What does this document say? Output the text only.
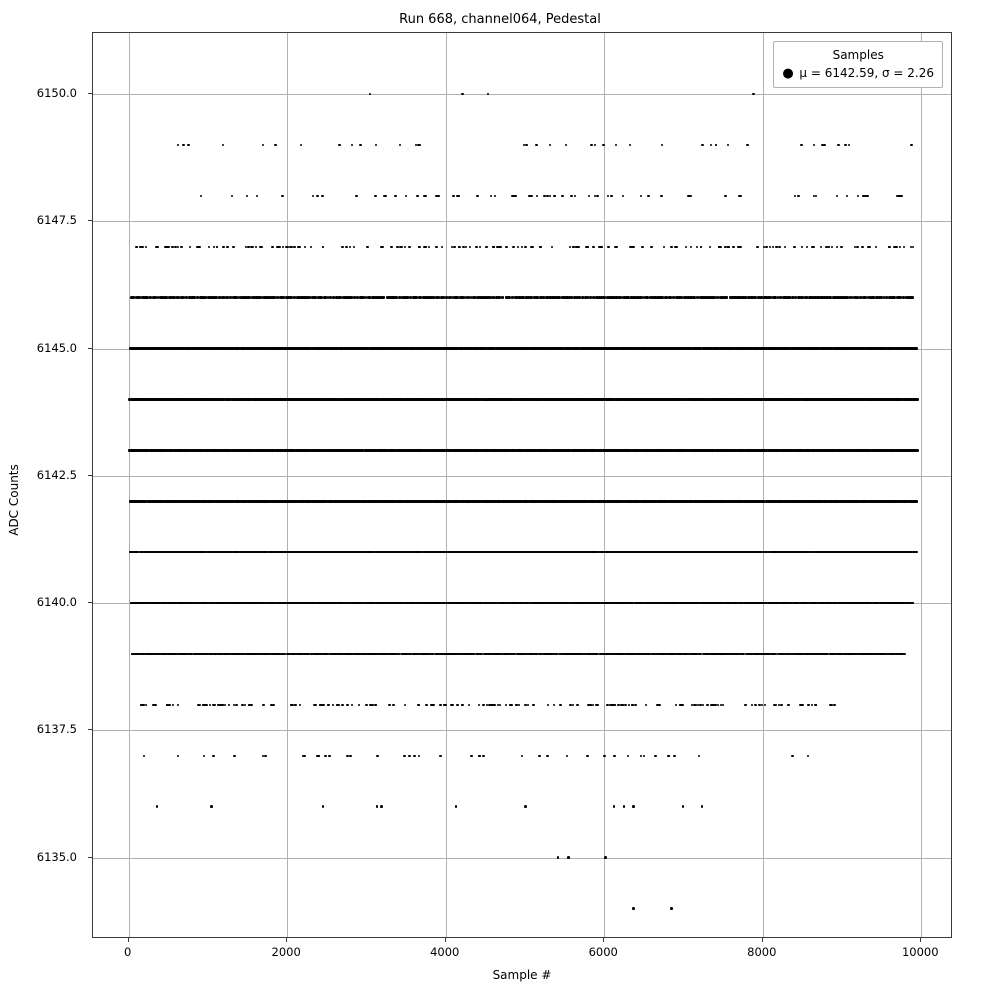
Run 668, channel064, Pedestal
ADC Counts
Sample #
Samples
● μ = 6142.59, σ = 2.26
6135.0
6137.5
6140.0
6142.5
6145.0
6147.5
6150.0
0	2000	4000	6000	8000	10000
